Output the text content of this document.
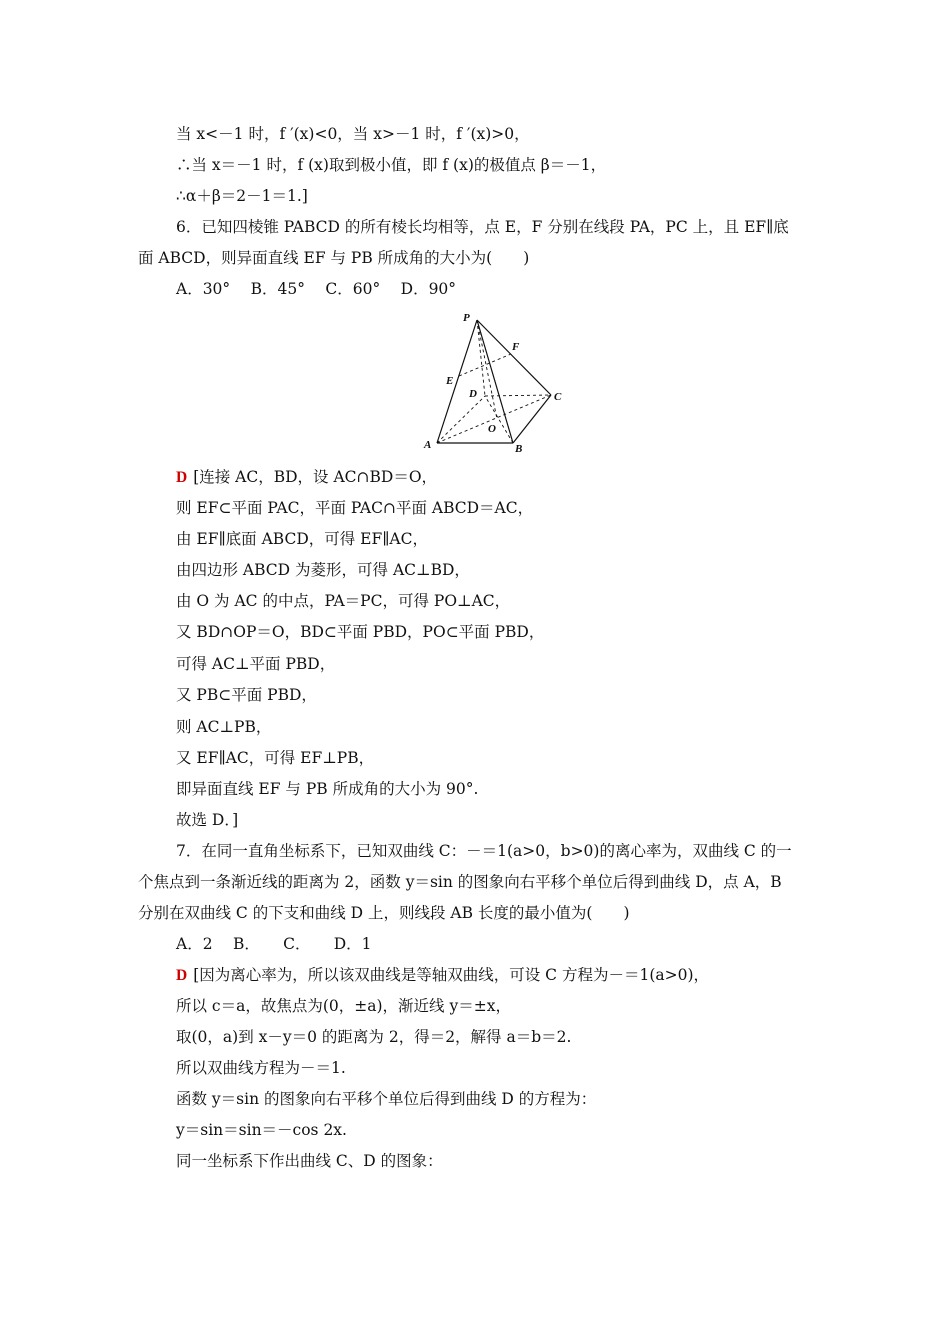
当 x<－1 时，f ′(x)<0，当 x>－1 时，f ′(x)>0，
∴当 x＝－1 时，f (x)取到极小值，即 f (x)的极值点 β＝－1，
∴α＋β＝2－1＝1.]
6．已知四棱锥 PABCD 的所有棱长均相等，点 E，F 分别在线段 PA，PC 上，且 EF∥底
面 ABCD，则异面直线 EF 与 PB 所成角的大小为(　　)
A．30°　 B．45°　 C．60°　 D．90°
P
F
E
D	C
O
A	B
D [连接 AC，BD，设 AC∩BD＝O，
则 EF⊂平面 PAC，平面 PAC∩平面 ABCD＝AC，
由 EF∥底面 ABCD，可得 EF∥AC，
由四边形 ABCD 为菱形，可得 AC⊥BD，
由 O 为 AC 的中点，PA＝PC，可得 PO⊥AC，
又 BD∩OP＝O，BD⊂平面 PBD，PO⊂平面 PBD，
可得 AC⊥平面 PBD，
又 PB⊂平面 PBD，
则 AC⊥PB，
又 EF∥AC，可得 EF⊥PB，
即异面直线 EF 与 PB 所成角的大小为 90°.
故选 D．]
7．在同一直角坐标系下，已知双曲线 C：－＝1(a>0，b>0)的离心率为，双曲线 C 的一
个焦点到一条渐近线的距离为 2，函数 y＝sin 的图象向右平移个单位后得到曲线 D，点 A，B
分别在双曲线 C 的下支和曲线 D 上，则线段 AB 长度的最小值为(　　)
A．2　 B．　　C．　　D．1
D [因为离心率为，所以该双曲线是等轴双曲线，可设 C 方程为－＝1(a>0)，
所以 c＝a，故焦点为(0，±a)，渐近线 y＝±x，
取(0，a)到 x－y＝0 的距离为 2，得＝2，解得 a＝b＝2.
所以双曲线方程为－＝1.
函数 y＝sin 的图象向右平移个单位后得到曲线 D 的方程为：
y＝sin＝sin＝－cos 2x.
同一坐标系下作出曲线 C、D 的图象：
